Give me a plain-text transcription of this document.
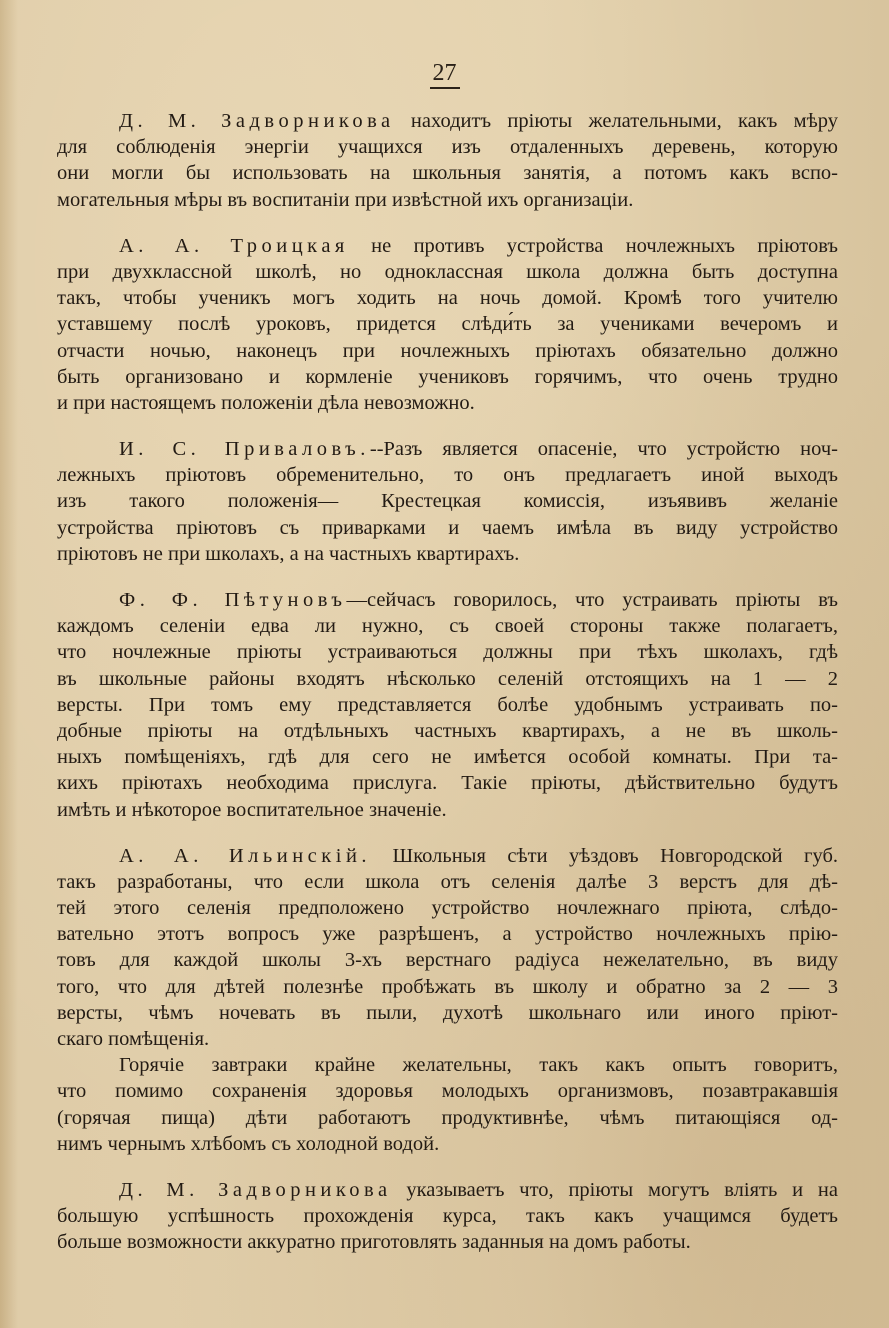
27
Д. М. Задворникова находитъ пріюты желательными, какъ мѣру
для соблюденія энергіи учащихся изъ отдаленныхъ деревень, которую
они могли бы использовать на школьныя занятія, а потомъ какъ вспо-
могательныя мѣры въ воспитаніи при извѣстной ихъ организаціи.
А. А. Троицкая не противъ устройства ночлежныхъ пріютовъ
при двухклассной школѣ, но одноклассная школа должна быть доступна
такъ, чтобы ученикъ могъ ходить на ночь домой. Кромѣ того учителю
уставшему послѣ уроковъ, придется слѣди́ть за учениками вечеромъ и
отчасти ночью, наконецъ при ночлежныхъ пріютахъ обязательно должно
быть организовано и кормленіе учениковъ горячимъ, что очень трудно
и при настоящемъ положеніи дѣла невозможно.
И. С. Приваловъ.--Разъ является опасеніе, что устройстю ноч-
лежныхъ пріютовъ обременительно, то онъ предлагаетъ иной выходъ
изъ такого положенія— Крестецкая комиссія, изъявивъ желаніе
устройства пріютовъ съ приварками и чаемъ имѣла въ виду устройство
пріютовъ не при школахъ, а на частныхъ квартирахъ.
Ф. Ф. Пѣтуновъ—сейчасъ говорилось, что устраивать пріюты въ
каждомъ селеніи едва ли нужно, съ своей стороны также полагаетъ,
что ночлежные пріюты устраиваються должны при тѣхъ школахъ, гдѣ
въ школьные районы входятъ нѣсколько селеній отстоящихъ на 1 — 2
версты. При томъ ему представляется болѣе удобнымъ устраивать по-
добные пріюты на отдѣльныхъ частныхъ квартирахъ, а не въ школь-
ныхъ помѣщеніяхъ, гдѣ для сего не имѣется особой комнаты. При та-
кихъ пріютахъ необходима прислуга. Такіе пріюты, дѣйствительно будутъ
имѣть и нѣкоторое воспитательное значеніе.
А. А. Ильинскій. Школьныя сѣти уѣздовъ Новгородской губ.
такъ разработаны, что если школа отъ селенія далѣе 3 верстъ для дѣ-
тей этого селенія предположено устройство ночлежнаго пріюта, слѣдо-
вательно этотъ вопросъ уже разрѣшенъ, а устройство ночлежныхъ прію-
товъ для каждой школы 3-хъ верстнаго радіуса нежелательно, въ виду
того, что для дѣтей полезнѣе пробѣжать въ школу и обратно за 2 — 3
версты, чѣмъ ночевать въ пыли, духотѣ школьнаго или иного пріют-
скаго помѣщенія.
Горячіе завтраки крайне желательны, такъ какъ опытъ говоритъ,
что помимо сохраненія здоровья молодыхъ организмовъ, позавтракавшія
(горячая пища) дѣти работаютъ продуктивнѣе, чѣмъ питающіяся од-
нимъ чернымъ хлѣбомъ съ холодной водой.
Д. М. Задворникова указываетъ что, пріюты могутъ вліять и на
большую успѣшность прохожденія курса, такъ какъ учащимся будетъ
больше возможности аккуратно приготовлять заданныя на домъ работы.
